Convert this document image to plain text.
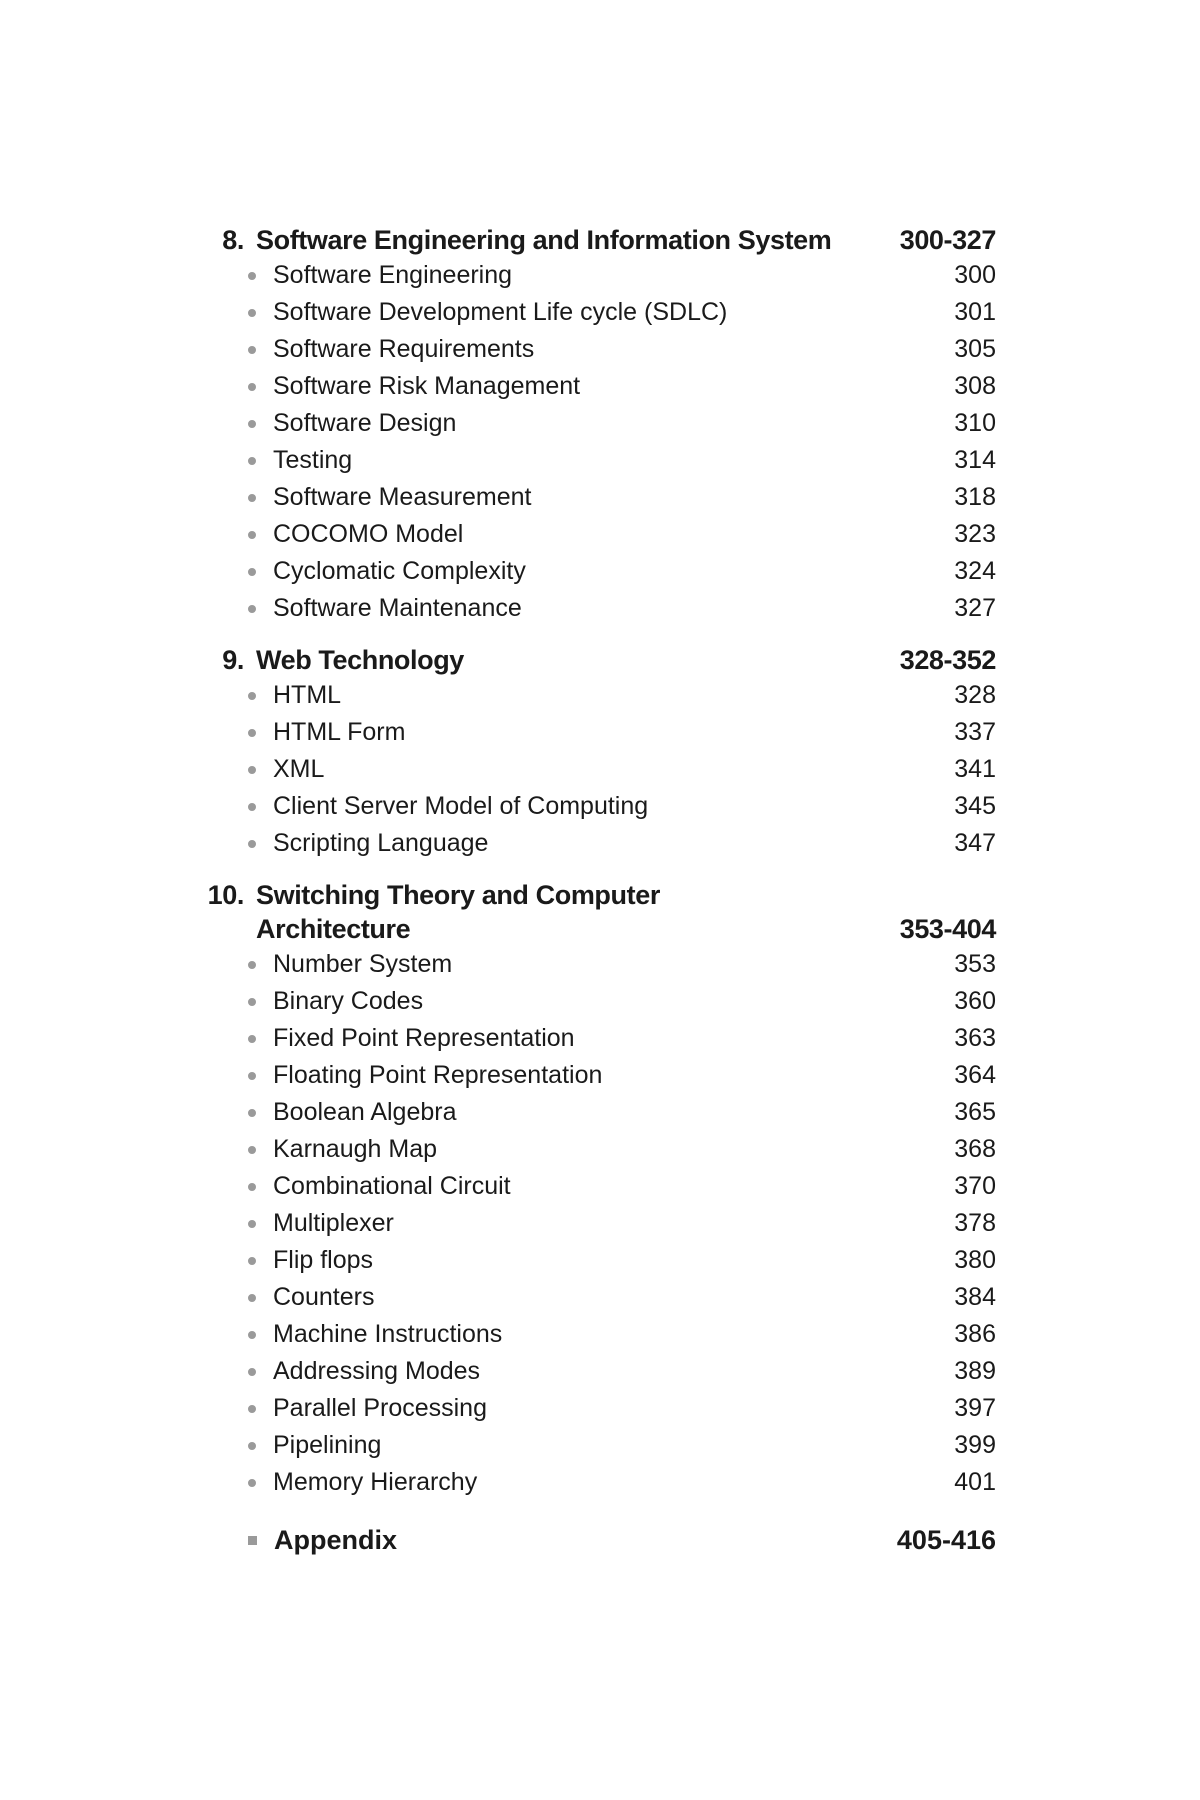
8. Software Engineering and Information System	300-327
Software Engineering	300
Software Development Life cycle (SDLC)	301
Software Requirements	305
Software Risk Management	308
Software Design	310
Testing	314
Software Measurement	318
COCOMO Model	323
Cyclomatic Complexity	324
Software Maintenance	327
9. Web Technology	328-352
HTML	328
HTML Form	337
XML	341
Client Server Model of Computing	345
Scripting Language	347
10. Switching Theory and Computer
Architecture	353-404
Number System	353
Binary Codes	360
Fixed Point Representation	363
Floating Point Representation	364
Boolean Algebra	365
Karnaugh Map	368
Combinational Circuit	370
Multiplexer	378
Flip flops	380
Counters	384
Machine Instructions	386
Addressing Modes	389
Parallel Processing	397
Pipelining	399
Memory Hierarchy	401
Appendix	405-416
